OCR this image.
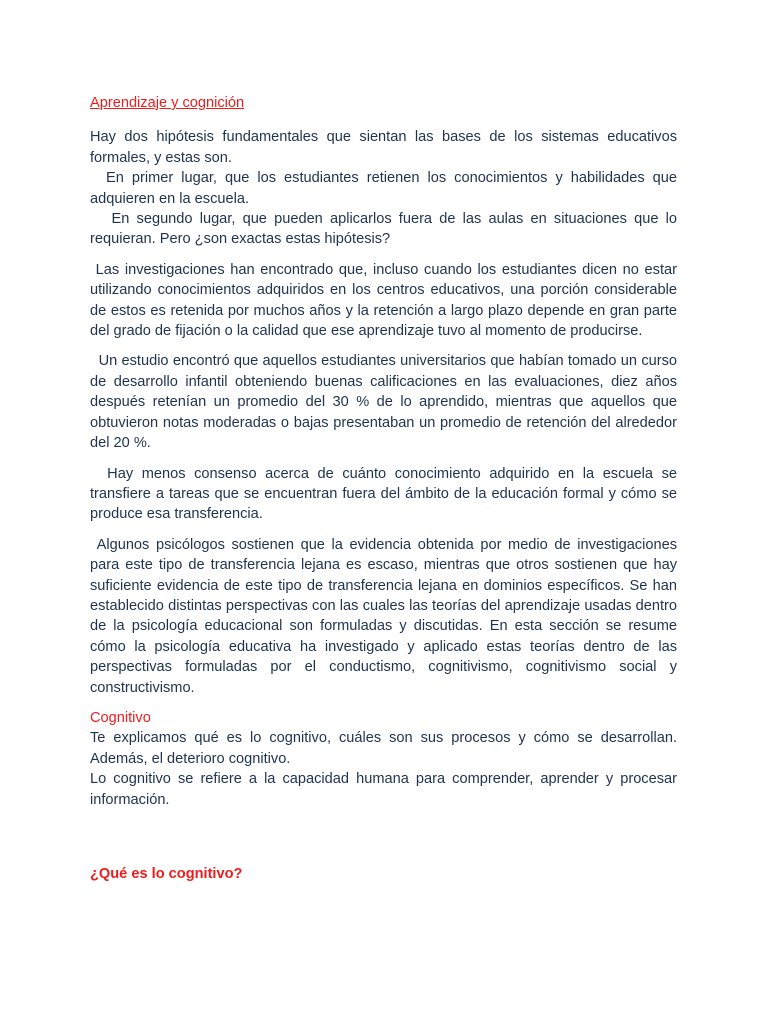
Aprendizaje y cognición

Hay dos hipótesis fundamentales que sientan las bases de los sistemas educativos formales, y estas son.

En primer lugar, que los estudiantes retienen los conocimientos y habilidades que adquieren en la escuela.

En segundo lugar, que pueden aplicarlos fuera de las aulas en situaciones que lo requieran. Pero ¿son exactas estas hipótesis?

Las investigaciones han encontrado que, incluso cuando los estudiantes dicen no estar utilizando conocimientos adquiridos en los centros educativos, una porción considerable de estos es retenida por muchos años y la retención a largo plazo depende en gran parte del grado de fijación o la calidad que ese aprendizaje tuvo al momento de producirse.

Un estudio encontró que aquellos estudiantes universitarios que habían tomado un curso de desarrollo infantil obteniendo buenas calificaciones en las evaluaciones, diez años después retenían un promedio del 30 % de lo aprendido, mientras que aquellos que obtuvieron notas moderadas o bajas presentaban un promedio de retención del alrededor del 20 %.

Hay menos consenso acerca de cuánto conocimiento adquirido en la escuela se transfiere a tareas que se encuentran fuera del ámbito de la educación formal y cómo se produce esa transferencia.

Algunos psicólogos sostienen que la evidencia obtenida por medio de investigaciones para este tipo de transferencia lejana es escaso, mientras que otros sostienen que hay suficiente evidencia de este tipo de transferencia lejana en dominios específicos. Se han establecido distintas perspectivas con las cuales las teorías del aprendizaje usadas dentro de la psicología educacional son formuladas y discutidas. En esta sección se resume cómo la psicología educativa ha investigado y aplicado estas teorías dentro de las perspectivas formuladas por el conductismo, cognitivismo, cognitivismo social y constructivismo.

Cognitivo

Te explicamos qué es lo cognitivo, cuáles son sus procesos y cómo se desarrollan. Además, el deterioro cognitivo.

Lo cognitivo se refiere a la capacidad humana para comprender, aprender y procesar información.

¿Qué es lo cognitivo?
